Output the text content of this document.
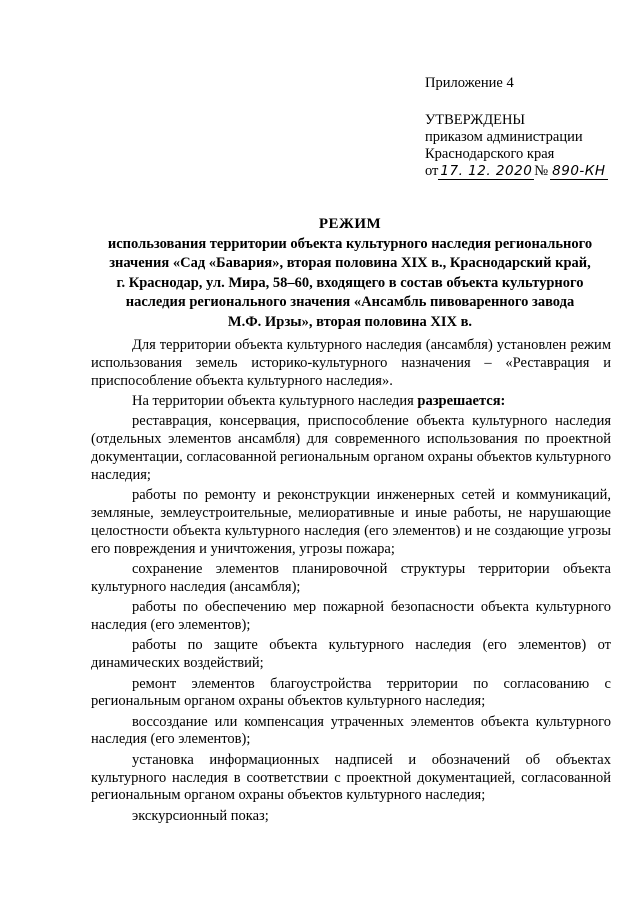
Приложение 4
УТВЕРЖДЕНЫ
приказом администрации
Краснодарского края
от 17. 12. 2020 № 890-КН
РЕЖИМ
использования территории объекта культурного наследия регионального
значения «Сад «Бавария», вторая половина XIX в., Краснодарский край,
г. Краснодар, ул. Мира, 58–60, входящего в состав объекта культурного
наследия регионального значения «Ансамбль пивоваренного завода
М.Ф. Ирзы», вторая половина XIX в.

Для территории объекта культурного наследия (ансамбля) установлен режим использования земель историко-культурного назначения – «Реставрация и приспособление объекта культурного наследия».

На территории объекта культурного наследия разрешается:

реставрация, консервация, приспособление объекта культурного наследия (отдельных элементов ансамбля) для современного использования по проектной документации, согласованной региональным органом охраны объектов культурного наследия;

работы по ремонту и реконструкции инженерных сетей и коммуникаций, земляные, землеустроительные, мелиоративные и иные работы, не нарушающие целостности объекта культурного наследия (его элементов) и не создающие угрозы его повреждения и уничтожения, угрозы пожара;

сохранение элементов планировочной структуры территории объекта культурного наследия (ансамбля);

работы по обеспечению мер пожарной безопасности объекта культурного наследия (его элементов);

работы по защите объекта культурного наследия (его элементов) от динамических воздействий;

ремонт элементов благоустройства территории по согласованию с региональным органом охраны объектов культурного наследия;

воссоздание или компенсация утраченных элементов объекта культурного наследия (его элементов);

установка информационных надписей и обозначений об объектах культурного наследия в соответствии с проектной документацией, согласованной региональным органом охраны объектов культурного наследия;

экскурсионный показ;
